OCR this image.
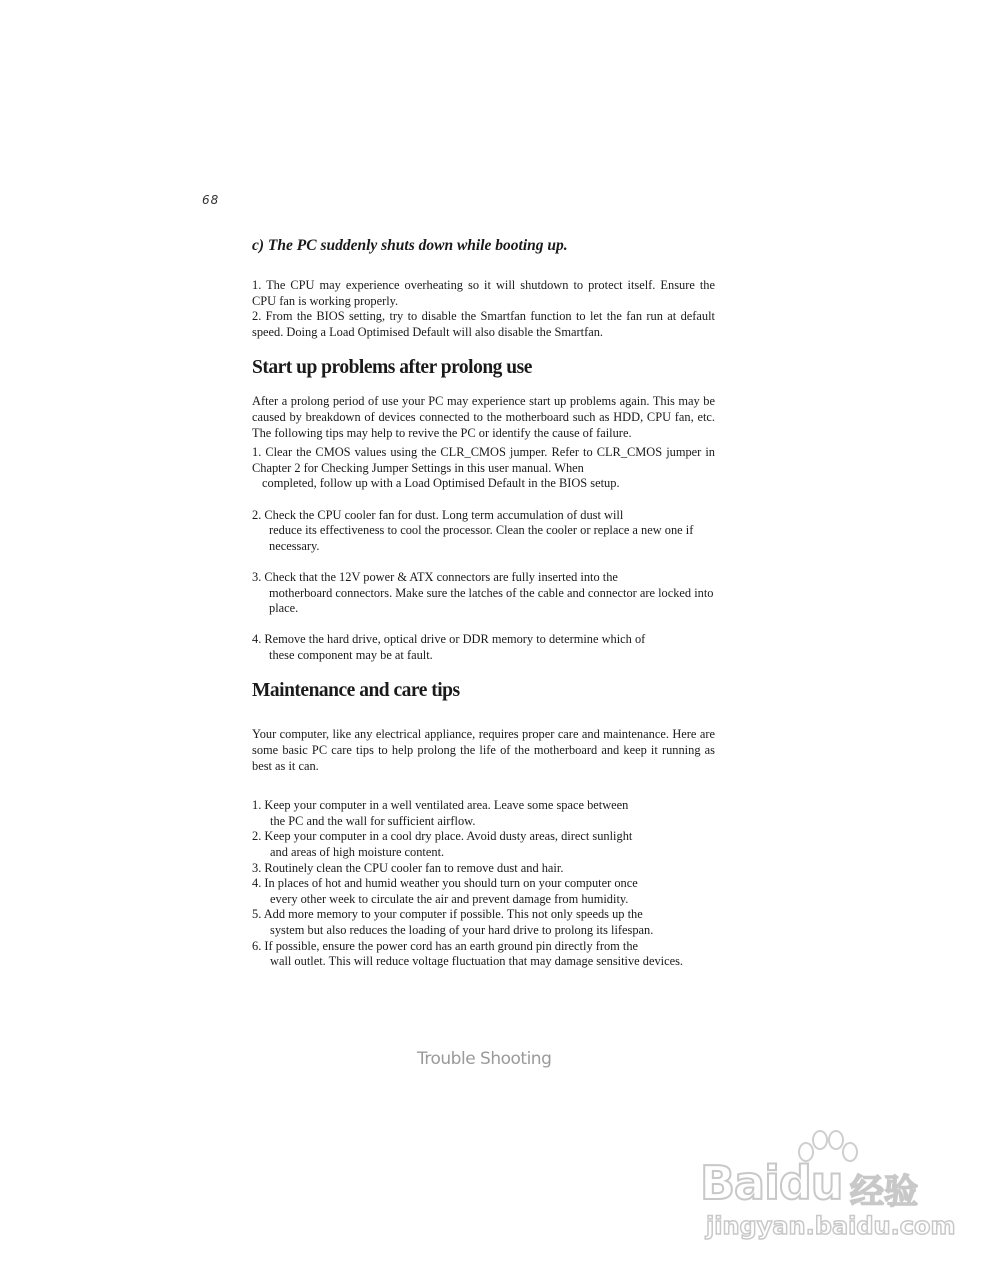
68
c) The PC suddenly shuts down while booting up.

1. The CPU may experience overheating so it will shutdown to protect itself. Ensure the CPU fan is working properly.

2. From the BIOS setting, try to disable the Smartfan function to let the fan run at default speed. Doing a Load Optimised Default will also disable the Smartfan.

Start up problems after prolong use

After a prolong period of use your PC may experience start up problems again. This may be caused by breakdown of devices connected to the motherboard such as HDD, CPU fan, etc. The following tips may help to revive the PC or identify the cause of failure.

1. Clear the CMOS values using the CLR_CMOS jumper. Refer to CLR_CMOS jumper in Chapter 2 for Checking Jumper Settings in this user manual. When
completed, follow up with a Load Optimised Default in the BIOS setup.

2. Check the CPU cooler fan for dust. Long term accumulation of dust will
reduce its effectiveness to cool the processor. Clean the cooler or replace a new one if necessary.

3. Check that the 12V power & ATX connectors are fully inserted into the
motherboard connectors. Make sure the latches of the cable and connector are locked into place.

4. Remove the hard drive, optical drive or DDR memory to determine which of
these component may be at fault.

Maintenance and care tips

Your computer, like any electrical appliance, requires proper care and maintenance. Here are some basic PC care tips to help prolong the life of the motherboard and keep it running as best as it can.

1. Keep your computer in a well ventilated area. Leave some space between
the PC and the wall for sufficient airflow.

2. Keep your computer in a cool dry place. Avoid dusty areas, direct sunlight
and areas of high moisture content.

3. Routinely clean the CPU cooler fan to remove dust and hair.

4. In places of hot and humid weather you should turn on your computer once
every other week to circulate the air and prevent damage from humidity.

5. Add more memory to your computer if possible. This not only speeds up the
system but also reduces the loading of your hard drive to prolong its lifespan.

6. If possible, ensure the power cord has an earth ground pin directly from the
wall outlet. This will reduce voltage fluctuation that may damage sensitive devices.

Trouble Shooting
Baidu 经验
jingyan.baidu.com
